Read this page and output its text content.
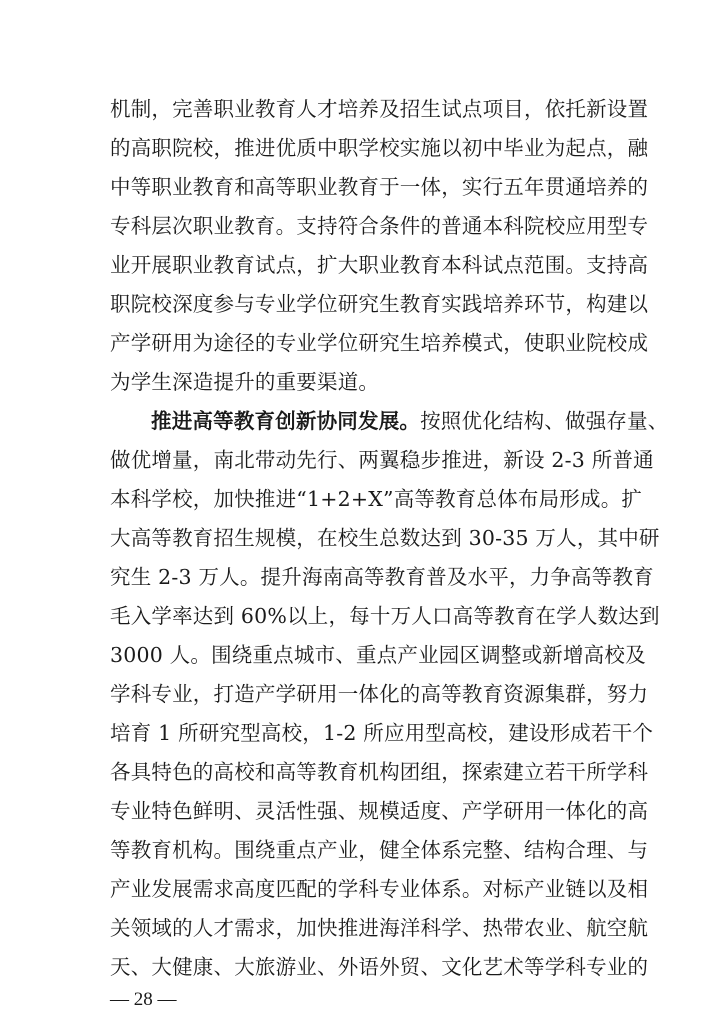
机制，完善职业教育人才培养及招生试点项目，依托新设置
的高职院校，推进优质中职学校实施以初中毕业为起点，融
中等职业教育和高等职业教育于一体，实行五年贯通培养的
专科层次职业教育。支持符合条件的普通本科院校应用型专
业开展职业教育试点，扩大职业教育本科试点范围。支持高
职院校深度参与专业学位研究生教育实践培养环节，构建以
产学研用为途径的专业学位研究生培养模式，使职业院校成
为学生深造提升的重要渠道。
推进高等教育创新协同发展。按照优化结构、做强存量、
做优增量，南北带动先行、两翼稳步推进，新设 2-3 所普通
本科学校，加快推进“1+2+X”高等教育总体布局形成。扩
大高等教育招生规模，在校生总数达到 30-35 万人，其中研
究生 2-3 万人。提升海南高等教育普及水平，力争高等教育
毛入学率达到 60%以上，每十万人口高等教育在学人数达到
3000 人。围绕重点城市、重点产业园区调整或新增高校及
学科专业，打造产学研用一体化的高等教育资源集群，努力
培育 1 所研究型高校，1-2 所应用型高校，建设形成若干个
各具特色的高校和高等教育机构团组，探索建立若干所学科
专业特色鲜明、灵活性强、规模适度、产学研用一体化的高
等教育机构。围绕重点产业，健全体系完整、结构合理、与
产业发展需求高度匹配的学科专业体系。对标产业链以及相
关领域的人才需求，加快推进海洋科学、热带农业、航空航
天、大健康、大旅游业、外语外贸、文化艺术等学科专业的
— 28 —
